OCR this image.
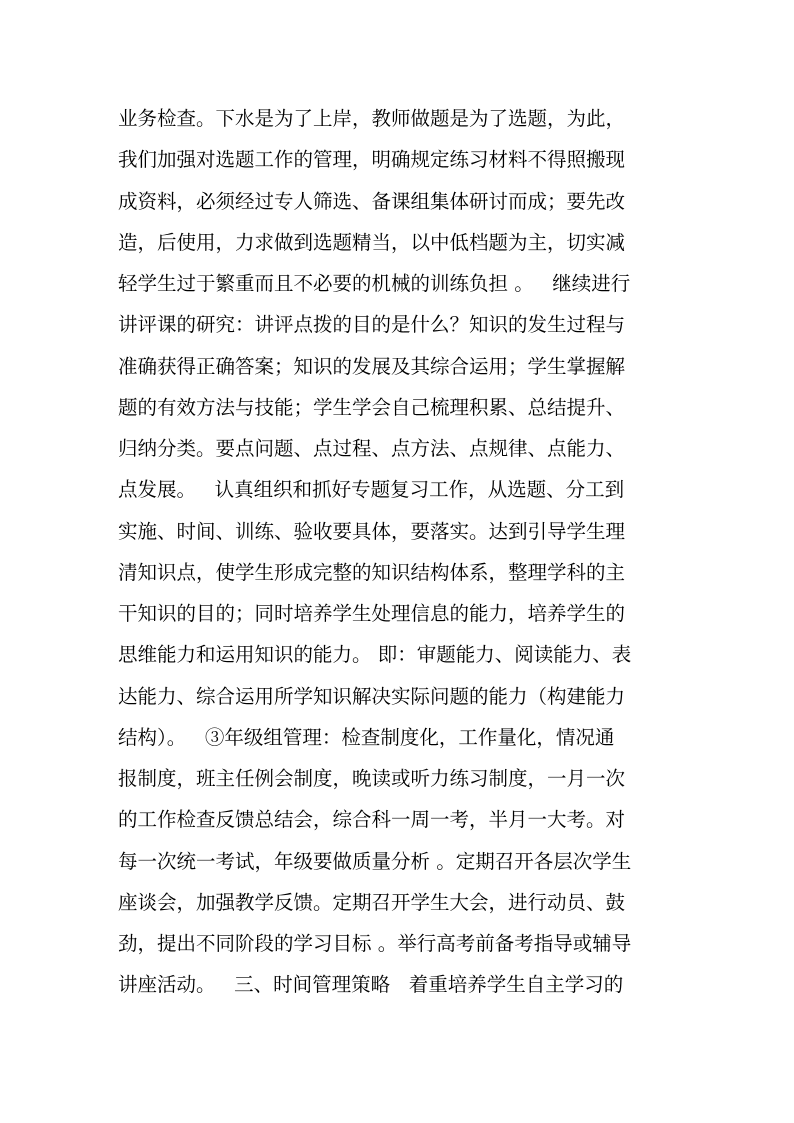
业务检查。下水是为了上岸，教师做题是为了选题，为此，
我们加强对选题工作的管理，明确规定练习材料不得照搬现
成资料，必须经过专人筛选、备课组集体研讨而成；要先改
造，后使用，力求做到选题精当，以中低档题为主，切实减
轻学生过于繁重而且不必要的机械的训练负担 。   继续进行
讲评课的研究：讲评点拨的目的是什么？知识的发生过程与
准确获得正确答案；知识的发展及其综合运用；学生掌握解
题的有效方法与技能；学生学会自己梳理积累、总结提升、
归纳分类。要点问题、点过程、点方法、点规律、点能力、
点发展。   认真组织和抓好专题复习工作，从选题、分工到
实施、时间、训练、验收要具体，要落实。达到引导学生理
清知识点，使学生形成完整的知识结构体系，整理学科的主
干知识的目的；同时培养学生处理信息的能力，培养学生的
思维能力和运用知识的能力。 即：审题能力、阅读能力、表
达能力、综合运用所学知识解决实际问题的能力（构建能力
结构）。   ③年级组管理：检查制度化，工作量化，情况通
报制度，班主任例会制度，晚读或听力练习制度，一月一次
的工作检查反馈总结会，综合科一周一考，半月一大考。对
每一次统一考试，年级要做质量分析 。定期召开各层次学生
座谈会，加强教学反馈。定期召开学生大会，进行动员、鼓
劲，提出不同阶段的学习目标 。举行高考前备考指导或辅导
讲座活动。   三、时间管理策略   着重培养学生自主学习的
